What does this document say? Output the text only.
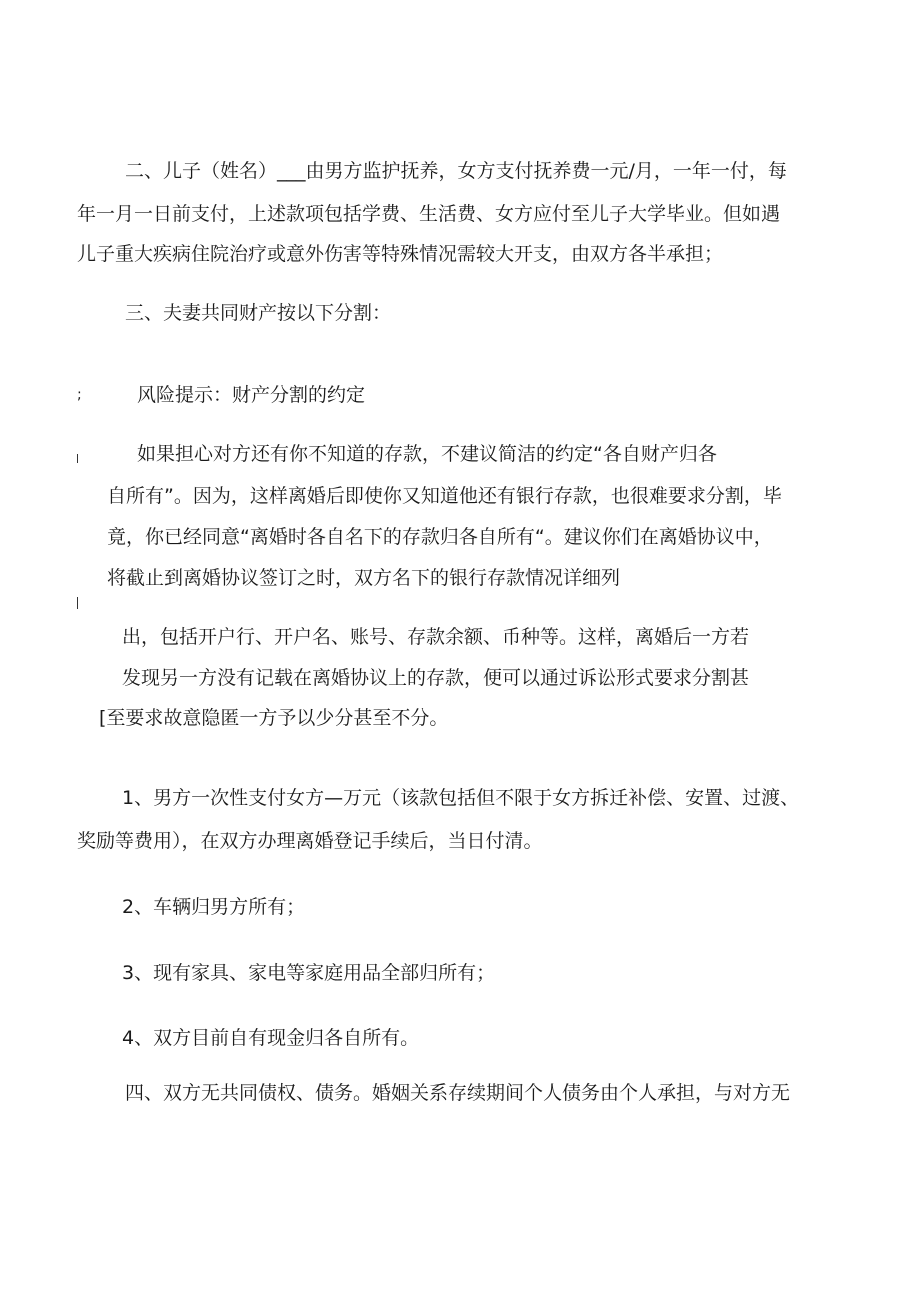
二、儿子（姓名）___由男方监护抚养，女方支付抚养费一元/月，一年一付，每
年一月一日前支付，上述款项包括学费、生活费、女方应付至儿子大学毕业。但如遇
儿子重大疾病住院治疗或意外伤害等特殊情况需较大开支，由双方各半承担；
三、夫妻共同财产按以下分割：
;	风险提示：财产分割的约定
如果担心对方还有你不知道的存款，不建议简洁的约定“各自财产归各
自所有”。因为，这样离婚后即使你又知道他还有银行存款，也很难要求分割，毕
竟，你已经同意“离婚时各自名下的存款归各自所有“。建议你们在离婚协议中，
将截止到离婚协议签订之时，双方名下的银行存款情况详细列
出，包括开户行、开户名、账号、存款余额、币种等。这样，离婚后一方若
发现另一方没有记载在离婚协议上的存款，便可以通过诉讼形式要求分割甚
[至要求故意隐匿一方予以少分甚至不分。
1、男方一次性支付女方—万元（该款包括但不限于女方拆迁补偿、安置、过渡、
奖励等费用），在双方办理离婚登记手续后，当日付清。
2、车辆归男方所有；
3、现有家具、家电等家庭用品全部归所有；
4、双方目前自有现金归各自所有。
四、双方无共同债权、债务。婚姻关系存续期间个人债务由个人承担，与对方无
